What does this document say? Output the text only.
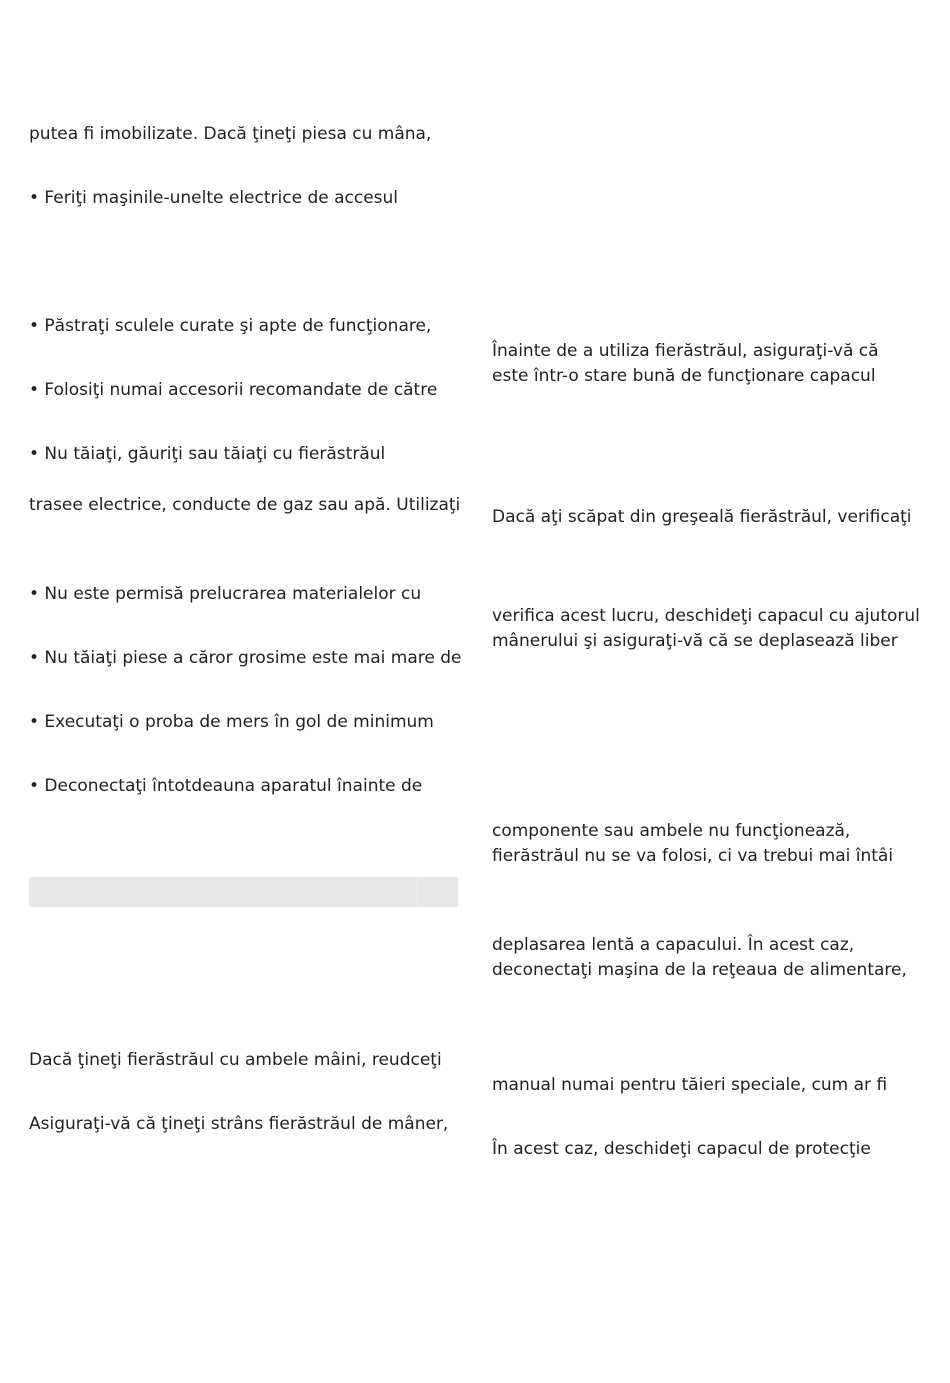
putea fi imobilizate. Dacă ţineţi piesa cu mâna,
• Feriţi maşinile-unelte electrice de accesul
• Păstraţi sculele curate şi apte de funcţionare,
• Folosiţi numai accesorii recomandate de către
• Nu tăiaţi, găuriţi sau tăiaţi cu fierăstrăul
trasee electrice, conducte de gaz sau apă. Utilizaţi
• Nu este permisă prelucrarea materialelor cu
• Nu tăiaţi piese a căror grosime este mai mare de
• Executaţi o proba de mers în gol de minimum
• Deconectaţi întotdeauna aparatul înainte de
Dacă ţineţi fierăstrăul cu ambele mâini, reudceţi
Asiguraţi-vă că ţineţi strâns fierăstrăul de mâner,
Înainte de a utiliza fierăstrăul, asiguraţi-vă că
este într-o stare bună de funcţionare capacul
Dacă aţi scăpat din greşeală fierăstrăul, verificaţi
verifica acest lucru, deschideţi capacul cu ajutorul
mânerului şi asiguraţi-vă că se deplasează liber
componente sau ambele nu funcţionează,
fierăstrăul nu se va folosi, ci va trebui mai întâi
deplasarea lentă a capacului. În acest caz,
deconectaţi maşina de la reţeaua de alimentare,
manual numai pentru tăieri speciale, cum ar fi
În acest caz, deschideţi capacul de protecţie
